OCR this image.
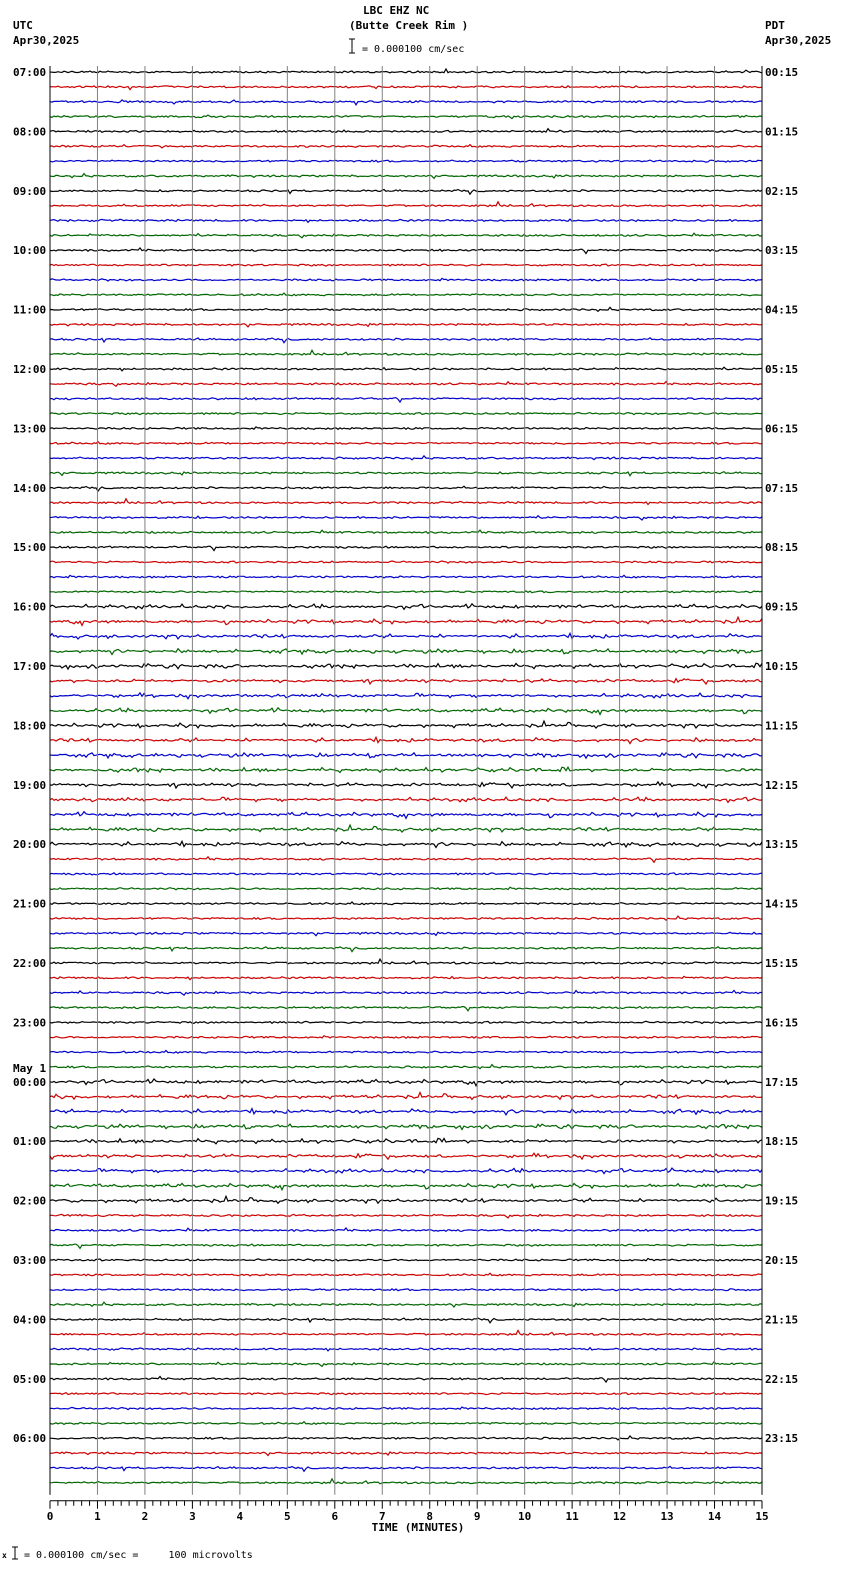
LBC EHZ NC
(Butte Creek Rim )
UTC
Apr30,2025
PDT
Apr30,2025
= 0.000100 cm/sec
x = 0.000100 cm/sec =     100 microvolts
0	1	2	3	4	5	6	7	8	9	10	11	12	13	14	15
TIME (MINUTES)
07:00	00:15
08:00	01:15
09:00	02:15
10:00	03:15
11:00	04:15
12:00	05:15
13:00	06:15
14:00	07:15
15:00	08:15
16:00	09:15
17:00	10:15
18:00	11:15
19:00	12:15
20:00	13:15
21:00	14:15
22:00	15:15
23:00	16:15
00:00	17:15
01:00	18:15
02:00	19:15
03:00	20:15
04:00	21:15
05:00	22:15
06:00	23:15
May 1
